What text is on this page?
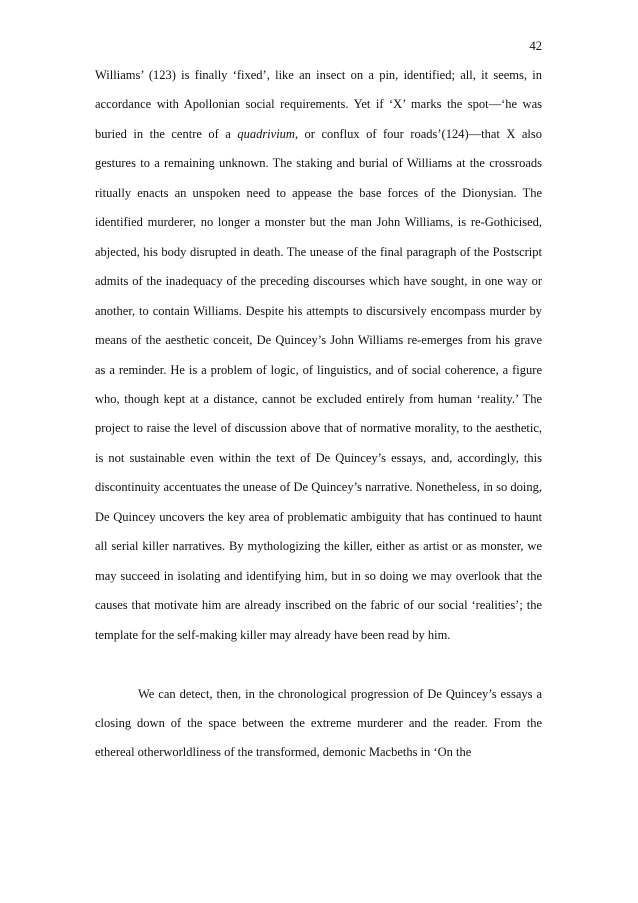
42

Williams’ (123) is finally ‘fixed’, like an insect on a pin, identified; all, it seems, in accordance with Apollonian social requirements. Yet if ‘X’ marks the spot—‘he was buried in the centre of a quadrivium, or conflux of four roads’(124)—that X also gestures to a remaining unknown. The staking and burial of Williams at the crossroads ritually enacts an unspoken need to appease the base forces of the Dionysian. The identified murderer, no longer a monster but the man John Williams, is re-Gothicised, abjected, his body disrupted in death. The unease of the final paragraph of the Postscript admits of the inadequacy of the preceding discourses which have sought, in one way or another, to contain Williams. Despite his attempts to discursively encompass murder by means of the aesthetic conceit, De Quincey’s John Williams re-emerges from his grave as a reminder. He is a problem of logic, of linguistics, and of social coherence, a figure who, though kept at a distance, cannot be excluded entirely from human ‘reality.’ The project to raise the level of discussion above that of normative morality, to the aesthetic, is not sustainable even within the text of De Quincey’s essays, and, accordingly, this discontinuity accentuates the unease of De Quincey’s narrative. Nonetheless, in so doing, De Quincey uncovers the key area of problematic ambiguity that has continued to haunt all serial killer narratives. By mythologizing the killer, either as artist or as monster, we may succeed in isolating and identifying him, but in so doing we may overlook that the causes that motivate him are already inscribed on the fabric of our social ‘realities’; the template for the self-making killer may already have been read by him.

We can detect, then, in the chronological progression of De Quincey’s essays a closing down of the space between the extreme murderer and the reader. From the ethereal otherworldliness of the transformed, demonic Macbeths in ‘On the
